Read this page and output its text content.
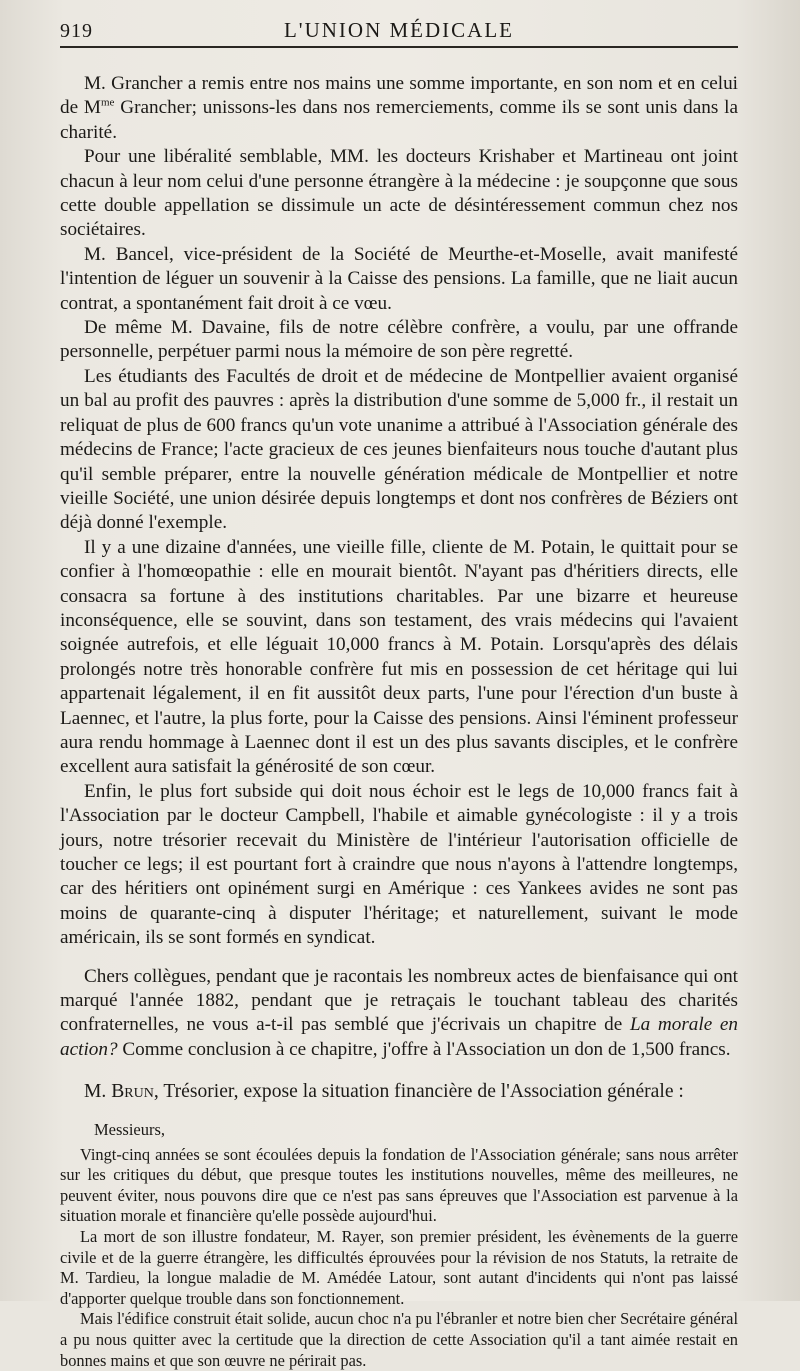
919	L'UNION MÉDICALE

M. Grancher a remis entre nos mains une somme importante, en son nom et en celui de $M^{me}$ Grancher; unissons-les dans nos remerciements, comme ils se sont unis dans la charité.

Pour une libéralité semblable, MM. les docteurs Krishaber et Martineau ont joint chacun à leur nom celui d'une personne étrangère à la médecine : je soupçonne que sous cette double appellation se dissimule un acte de désintéressement commun chez nos sociétaires.

M. Bancel, vice-président de la Société de Meurthe-et-Moselle, avait manifesté l'intention de léguer un souvenir à la Caisse des pensions. La famille, que ne liait aucun contrat, a spontanément fait droit à ce vœu.

De même M. Davaine, fils de notre célèbre confrère, a voulu, par une offrande personnelle, perpétuer parmi nous la mémoire de son père regretté.

Les étudiants des Facultés de droit et de médecine de Montpellier avaient organisé un bal au profit des pauvres : après la distribution d'une somme de 5,000 fr., il restait un reliquat de plus de 600 francs qu'un vote unanime a attribué à l'Association générale des médecins de France; l'acte gracieux de ces jeunes bienfaiteurs nous touche d'autant plus qu'il semble préparer, entre la nouvelle génération médicale de Montpellier et notre vieille Société, une union désirée depuis longtemps et dont nos confrères de Béziers ont déjà donné l'exemple.

Il y a une dizaine d'années, une vieille fille, cliente de M. Potain, le quittait pour se confier à l'homœopathie : elle en mourait bientôt. N'ayant pas d'héritiers directs, elle consacra sa fortune à des institutions charitables. Par une bizarre et heureuse inconséquence, elle se souvint, dans son testament, des vrais médecins qui l'avaient soignée autrefois, et elle léguait 10,000 francs à M. Potain. Lorsqu'après des délais prolongés notre très honorable confrère fut mis en possession de cet héritage qui lui appartenait légalement, il en fit aussitôt deux parts, l'une pour l'érection d'un buste à Laennec, et l'autre, la plus forte, pour la Caisse des pensions. Ainsi l'éminent professeur aura rendu hommage à Laennec dont il est un des plus savants disciples, et le confrère excellent aura satisfait la générosité de son cœur.

Enfin, le plus fort subside qui doit nous échoir est le legs de 10,000 francs fait à l'Association par le docteur Campbell, l'habile et aimable gynécologiste : il y a trois jours, notre trésorier recevait du Ministère de l'intérieur l'autorisation officielle de toucher ce legs; il est pourtant fort à craindre que nous n'ayons à l'attendre longtemps, car des héritiers ont opinément surgi en Amérique : ces Yankees avides ne sont pas moins de quarante-cinq à disputer l'héritage; et naturellement, suivant le mode américain, ils se sont formés en syndicat.

Chers collègues, pendant que je racontais les nombreux actes de bienfaisance qui ont marqué l'année 1882, pendant que je retraçais le touchant tableau des charités confraternelles, ne vous a-t-il pas semblé que j'écrivais un chapitre de La morale en action? Comme conclusion à ce chapitre, j'offre à l'Association un don de 1,500 francs.

M. Brun, Trésorier, expose la situation financière de l'Association générale :

Messieurs,

Vingt-cinq années se sont écoulées depuis la fondation de l'Association générale; sans nous arrêter sur les critiques du début, que presque toutes les institutions nouvelles, même des meilleures, ne peuvent éviter, nous pouvons dire que ce n'est pas sans épreuves que l'Association est parvenue à la situation morale et financière qu'elle possède aujourd'hui.

La mort de son illustre fondateur, M. Rayer, son premier président, les évènements de la guerre civile et de la guerre étrangère, les difficultés éprouvées pour la révision de nos Statuts, la retraite de M. Tardieu, la longue maladie de M. Amédée Latour, sont autant d'incidents qui n'ont pas laissé d'apporter quelque trouble dans son fonctionnement.

Mais l'édifice construit était solide, aucun choc n'a pu l'ébranler et notre bien cher Secrétaire général a pu nous quitter avec la certitude que la direction de cette Association qu'il a tant aimée restait en bonnes mains et que son œuvre ne périrait pas.
